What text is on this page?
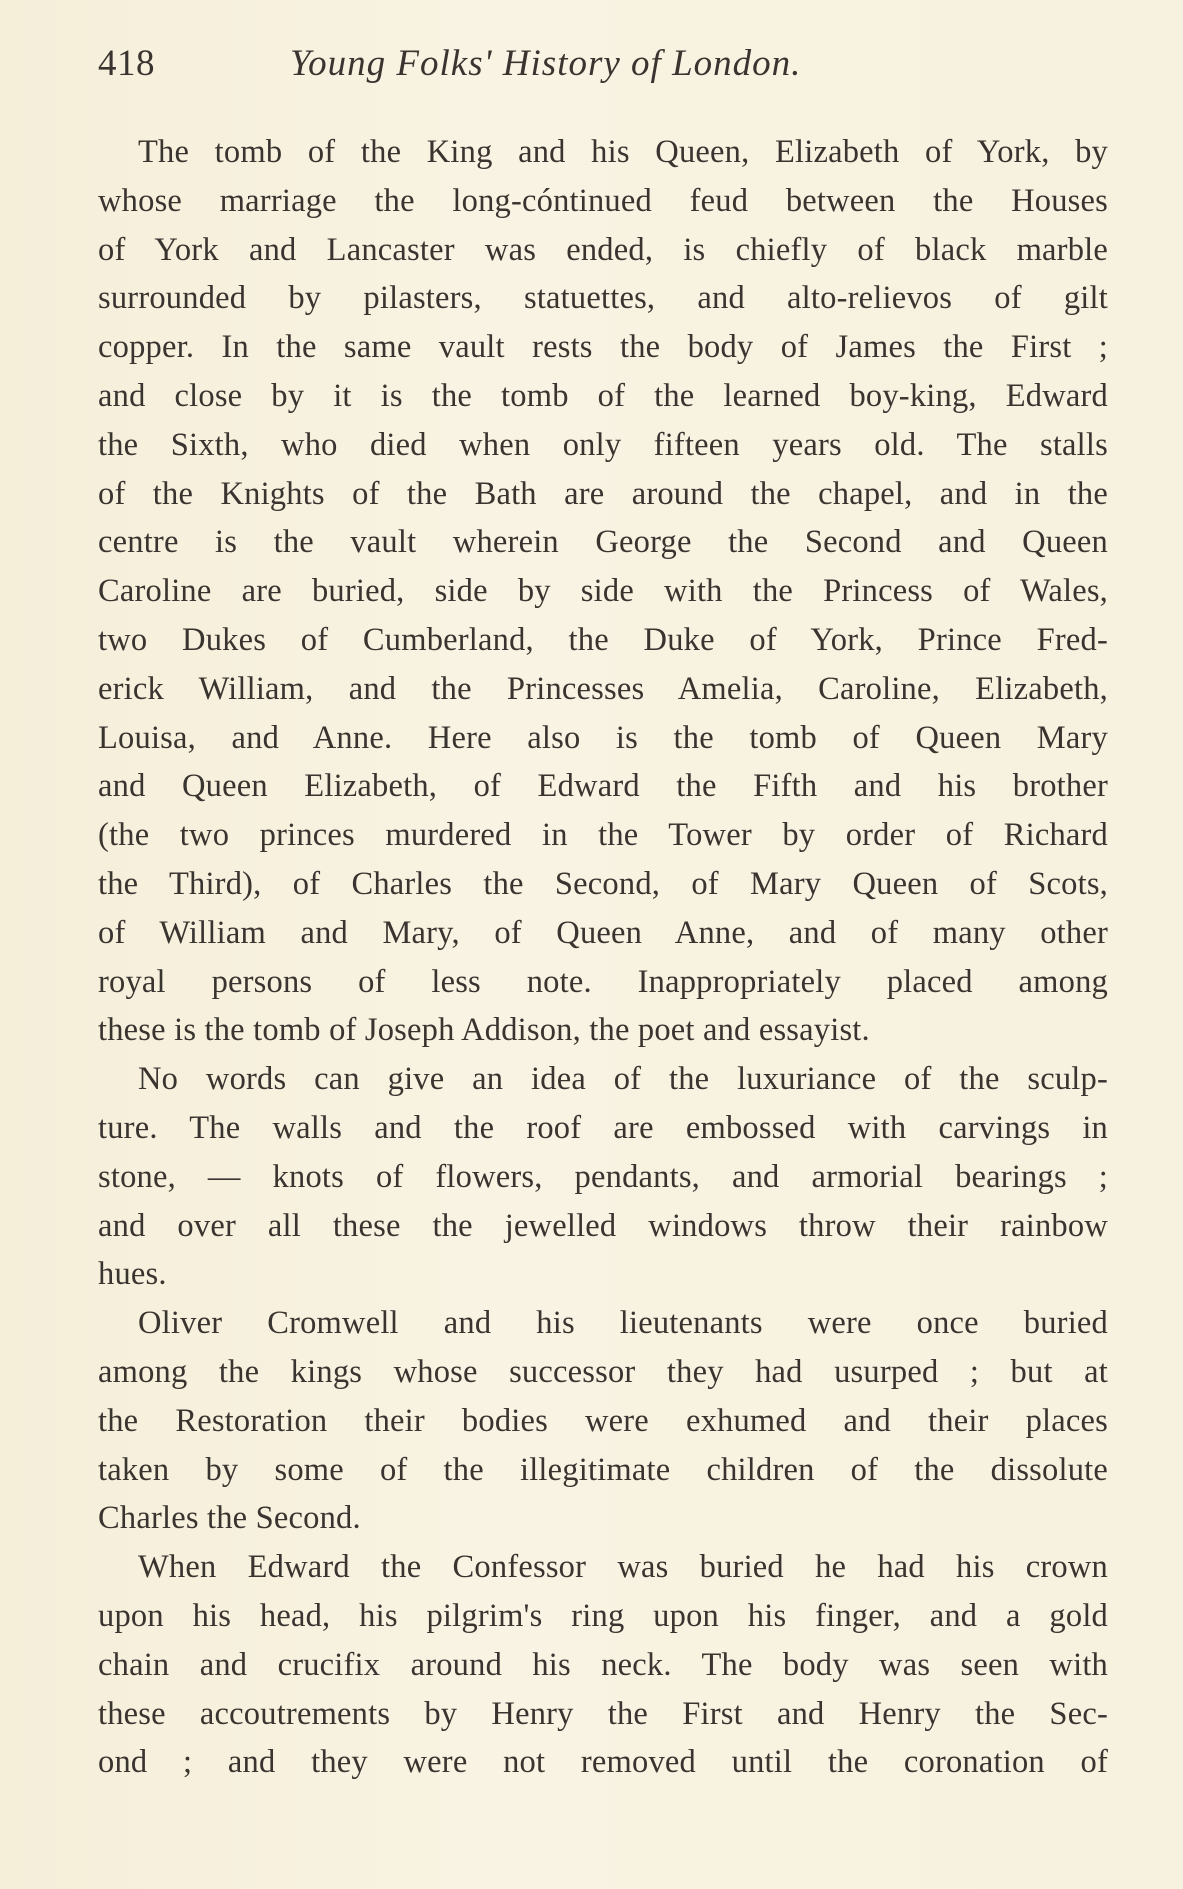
418	Young Folks' History of London.
The tomb of the King and his Queen, Elizabeth of York, by
whose marriage the long-cóntinued feud between the Houses
of York and Lancaster was ended, is chiefly of black marble
surrounded by pilasters, statuettes, and alto-relievos of gilt
copper. In the same vault rests the body of James the First ;
and close by it is the tomb of the learned boy-king, Edward
the Sixth, who died when only fifteen years old. The stalls
of the Knights of the Bath are around the chapel, and in the
centre is the vault wherein George the Second and Queen
Caroline are buried, side by side with the Princess of Wales,
two Dukes of Cumberland, the Duke of York, Prince Fred-
erick William, and the Princesses Amelia, Caroline, Elizabeth,
Louisa, and Anne. Here also is the tomb of Queen Mary
and Queen Elizabeth, of Edward the Fifth and his brother
(the two princes murdered in the Tower by order of Richard
the Third), of Charles the Second, of Mary Queen of Scots,
of William and Mary, of Queen Anne, and of many other
royal persons of less note. Inappropriately placed among
these is the tomb of Joseph Addison, the poet and essayist.
No words can give an idea of the luxuriance of the sculp-
ture. The walls and the roof are embossed with carvings in
stone, — knots of flowers, pendants, and armorial bearings ;
and over all these the jewelled windows throw their rainbow
hues.
Oliver Cromwell and his lieutenants were once buried
among the kings whose successor they had usurped ; but at
the Restoration their bodies were exhumed and their places
taken by some of the illegitimate children of the dissolute
Charles the Second.
When Edward the Confessor was buried he had his crown
upon his head, his pilgrim's ring upon his finger, and a gold
chain and crucifix around his neck. The body was seen with
these accoutrements by Henry the First and Henry the Sec-
ond ; and they were not removed until the coronation of
